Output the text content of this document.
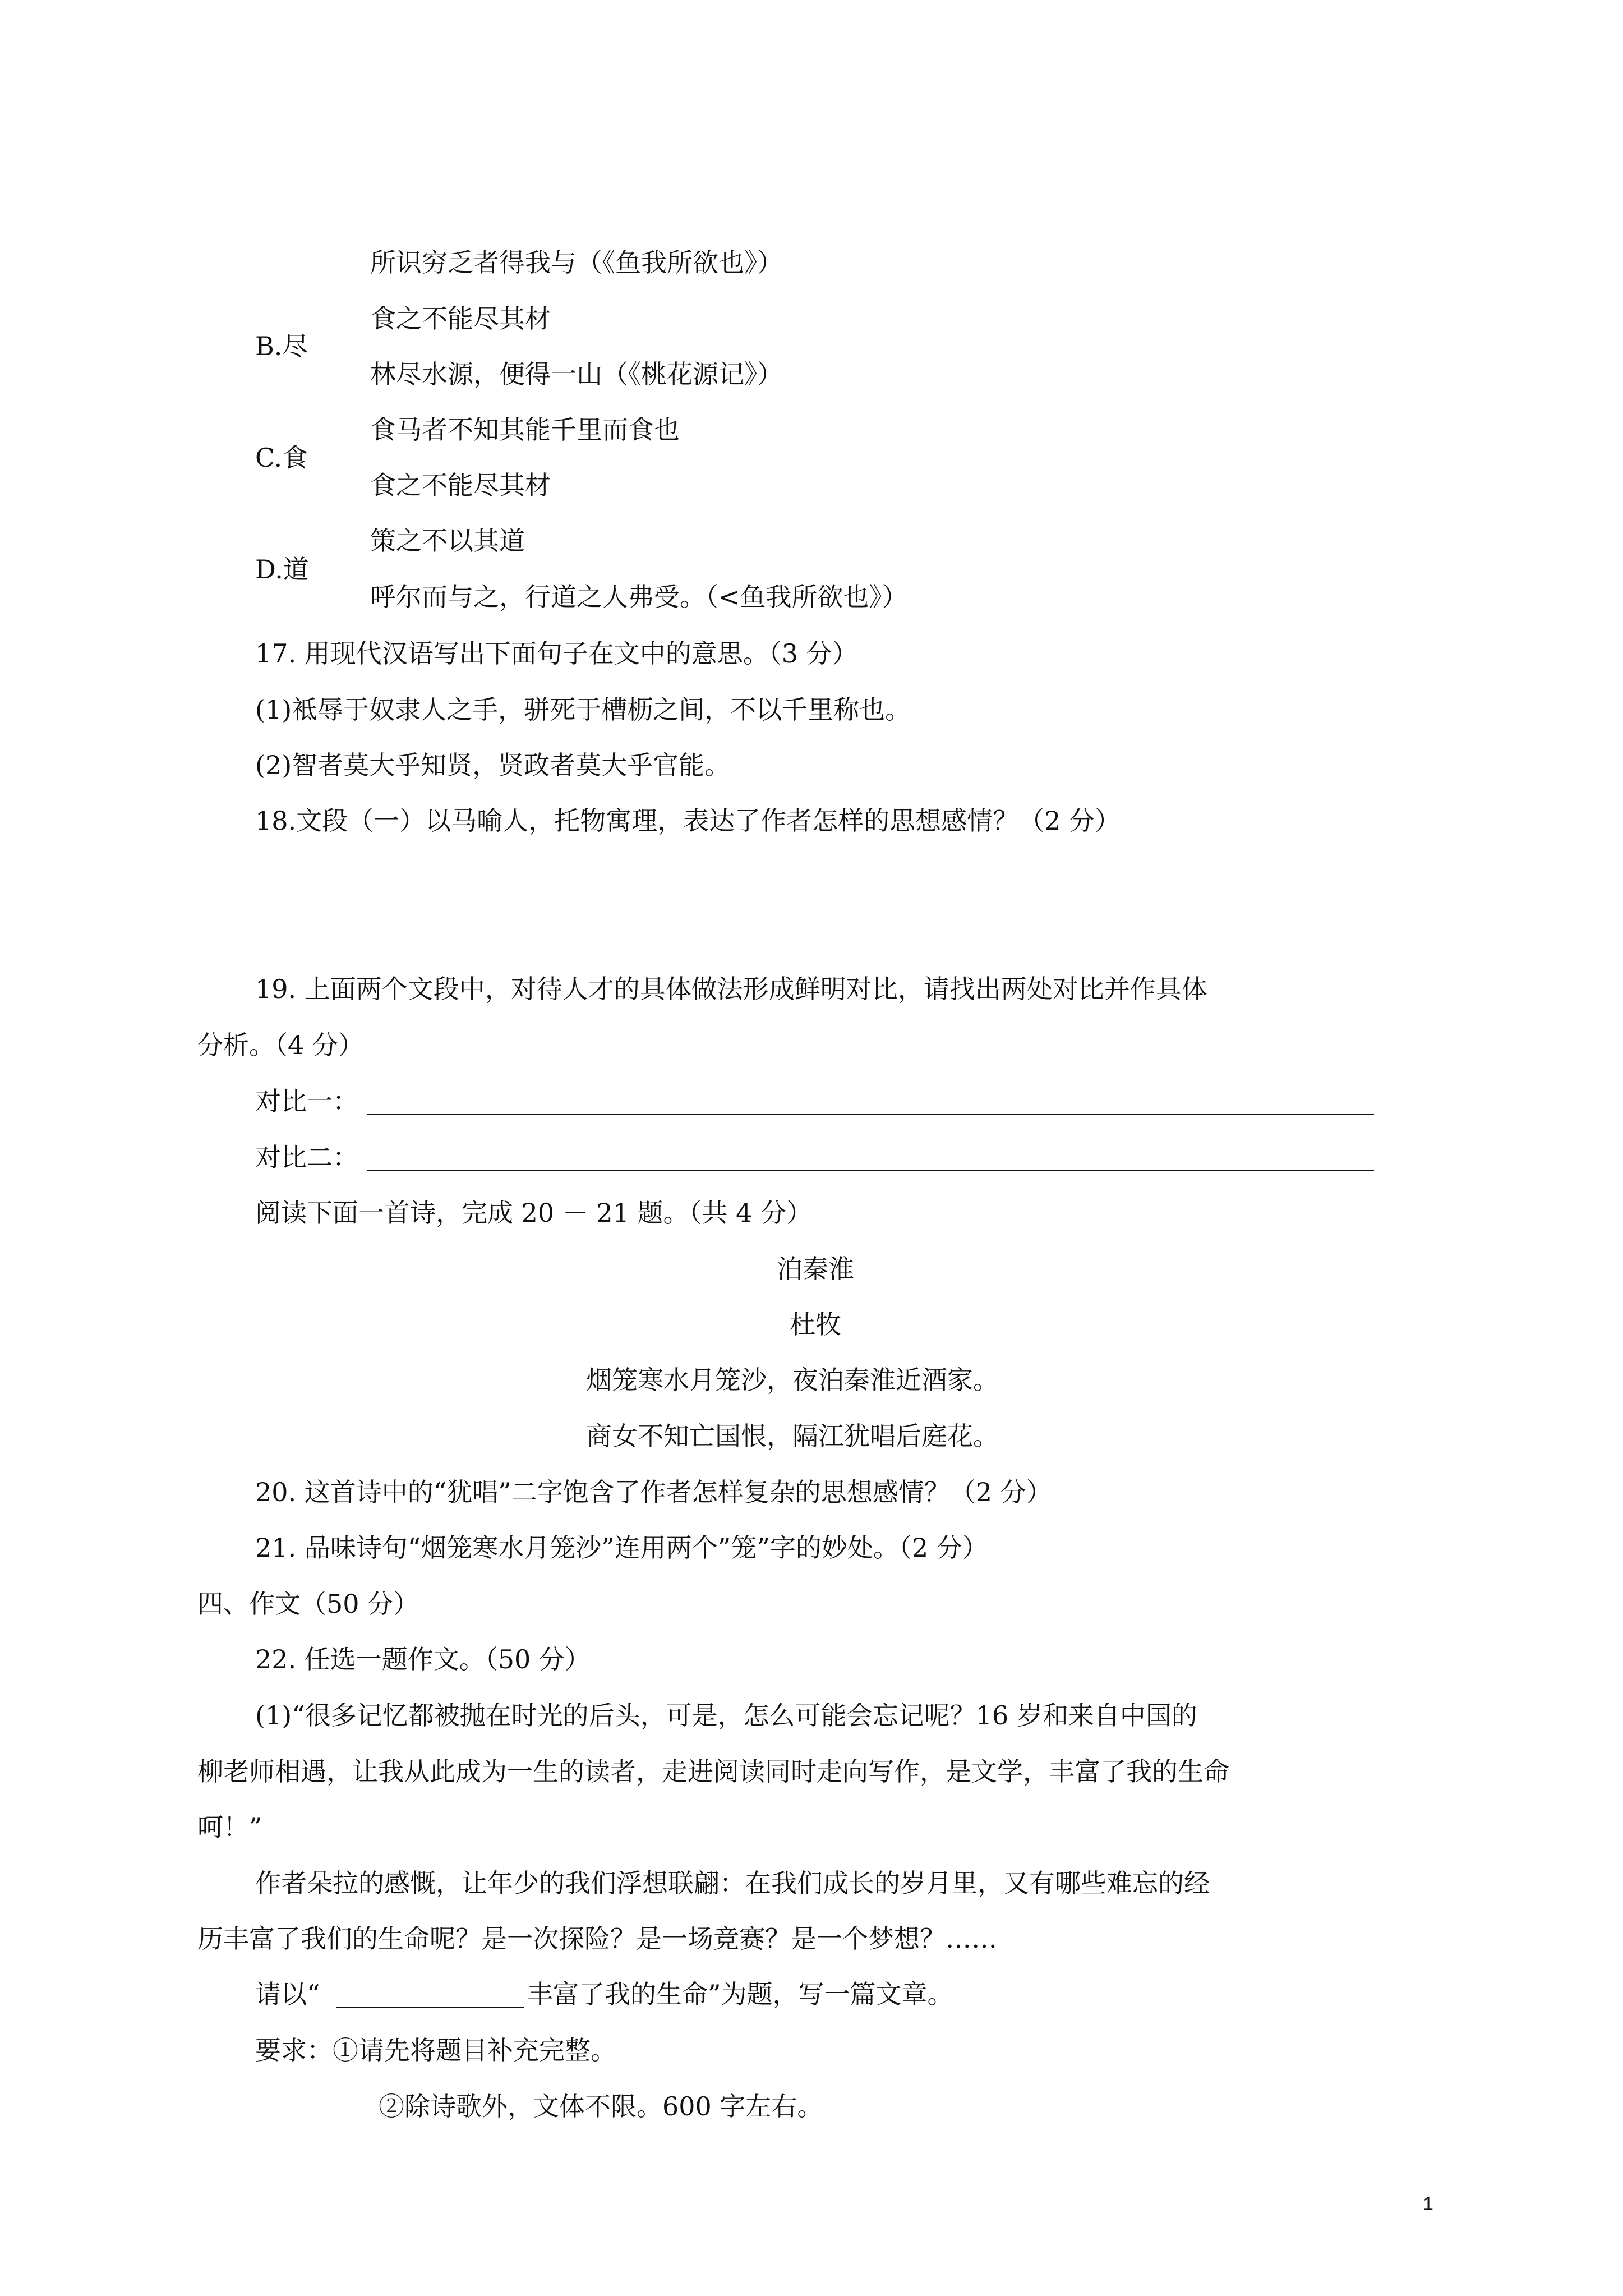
所识穷乏者得我与（《鱼我所欲也》）
B.尽
食之不能尽其材
林尽水源，便得一山（《桃花源记》）
C.食
食马者不知其能千里而食也
食之不能尽其材
D.道
策之不以其道
呼尔而与之，行道之人弗受。（<鱼我所欲也》）
17. 用现代汉语写出下面句子在文中的意思。（3 分）
(1)袛辱于奴隶人之手，骈死于槽枥之间，不以千里称也。
(2)智者莫大乎知贤，贤政者莫大乎官能。
18.文段（一）以马喻人，托物寓理，表达了作者怎样的思想感情？（2 分）
19. 上面两个文段中，对待人才的具体做法形成鲜明对比，请找出两处对比并作具体
分析。（4 分）
对比一：
对比二：
阅读下面一首诗，完成 20 － 21 题。（共 4 分）
泊秦淮
杜牧
烟笼寒水月笼沙，夜泊秦淮近酒家。
商女不知亡国恨，隔江犹唱后庭花。
20. 这首诗中的“犹唱”二字饱含了作者怎样复杂的思想感情？（2 分）
21. 品味诗句“烟笼寒水月笼沙”连用两个”笼”字的妙处。（2 分）
四、作文（50 分）
22. 任选一题作文。（50 分）
(1)“很多记忆都被抛在时光的后头，可是，怎么可能会忘记呢？16 岁和来自中国的
柳老师相遇，让我从此成为一生的读者，走进阅读同时走向写作，是文学，丰富了我的生命
呵！”
作者朵拉的感慨，让年少的我们浮想联翩：在我们成长的岁月里，又有哪些难忘的经
历丰富了我们的生命呢？是一次探险？是一场竞赛？是一个梦想？……
请以“	丰富了我的生命”为题，写一篇文章。
要求：①请先将题目补充完整。
②除诗歌外，文体不限。600 字左右。
1
